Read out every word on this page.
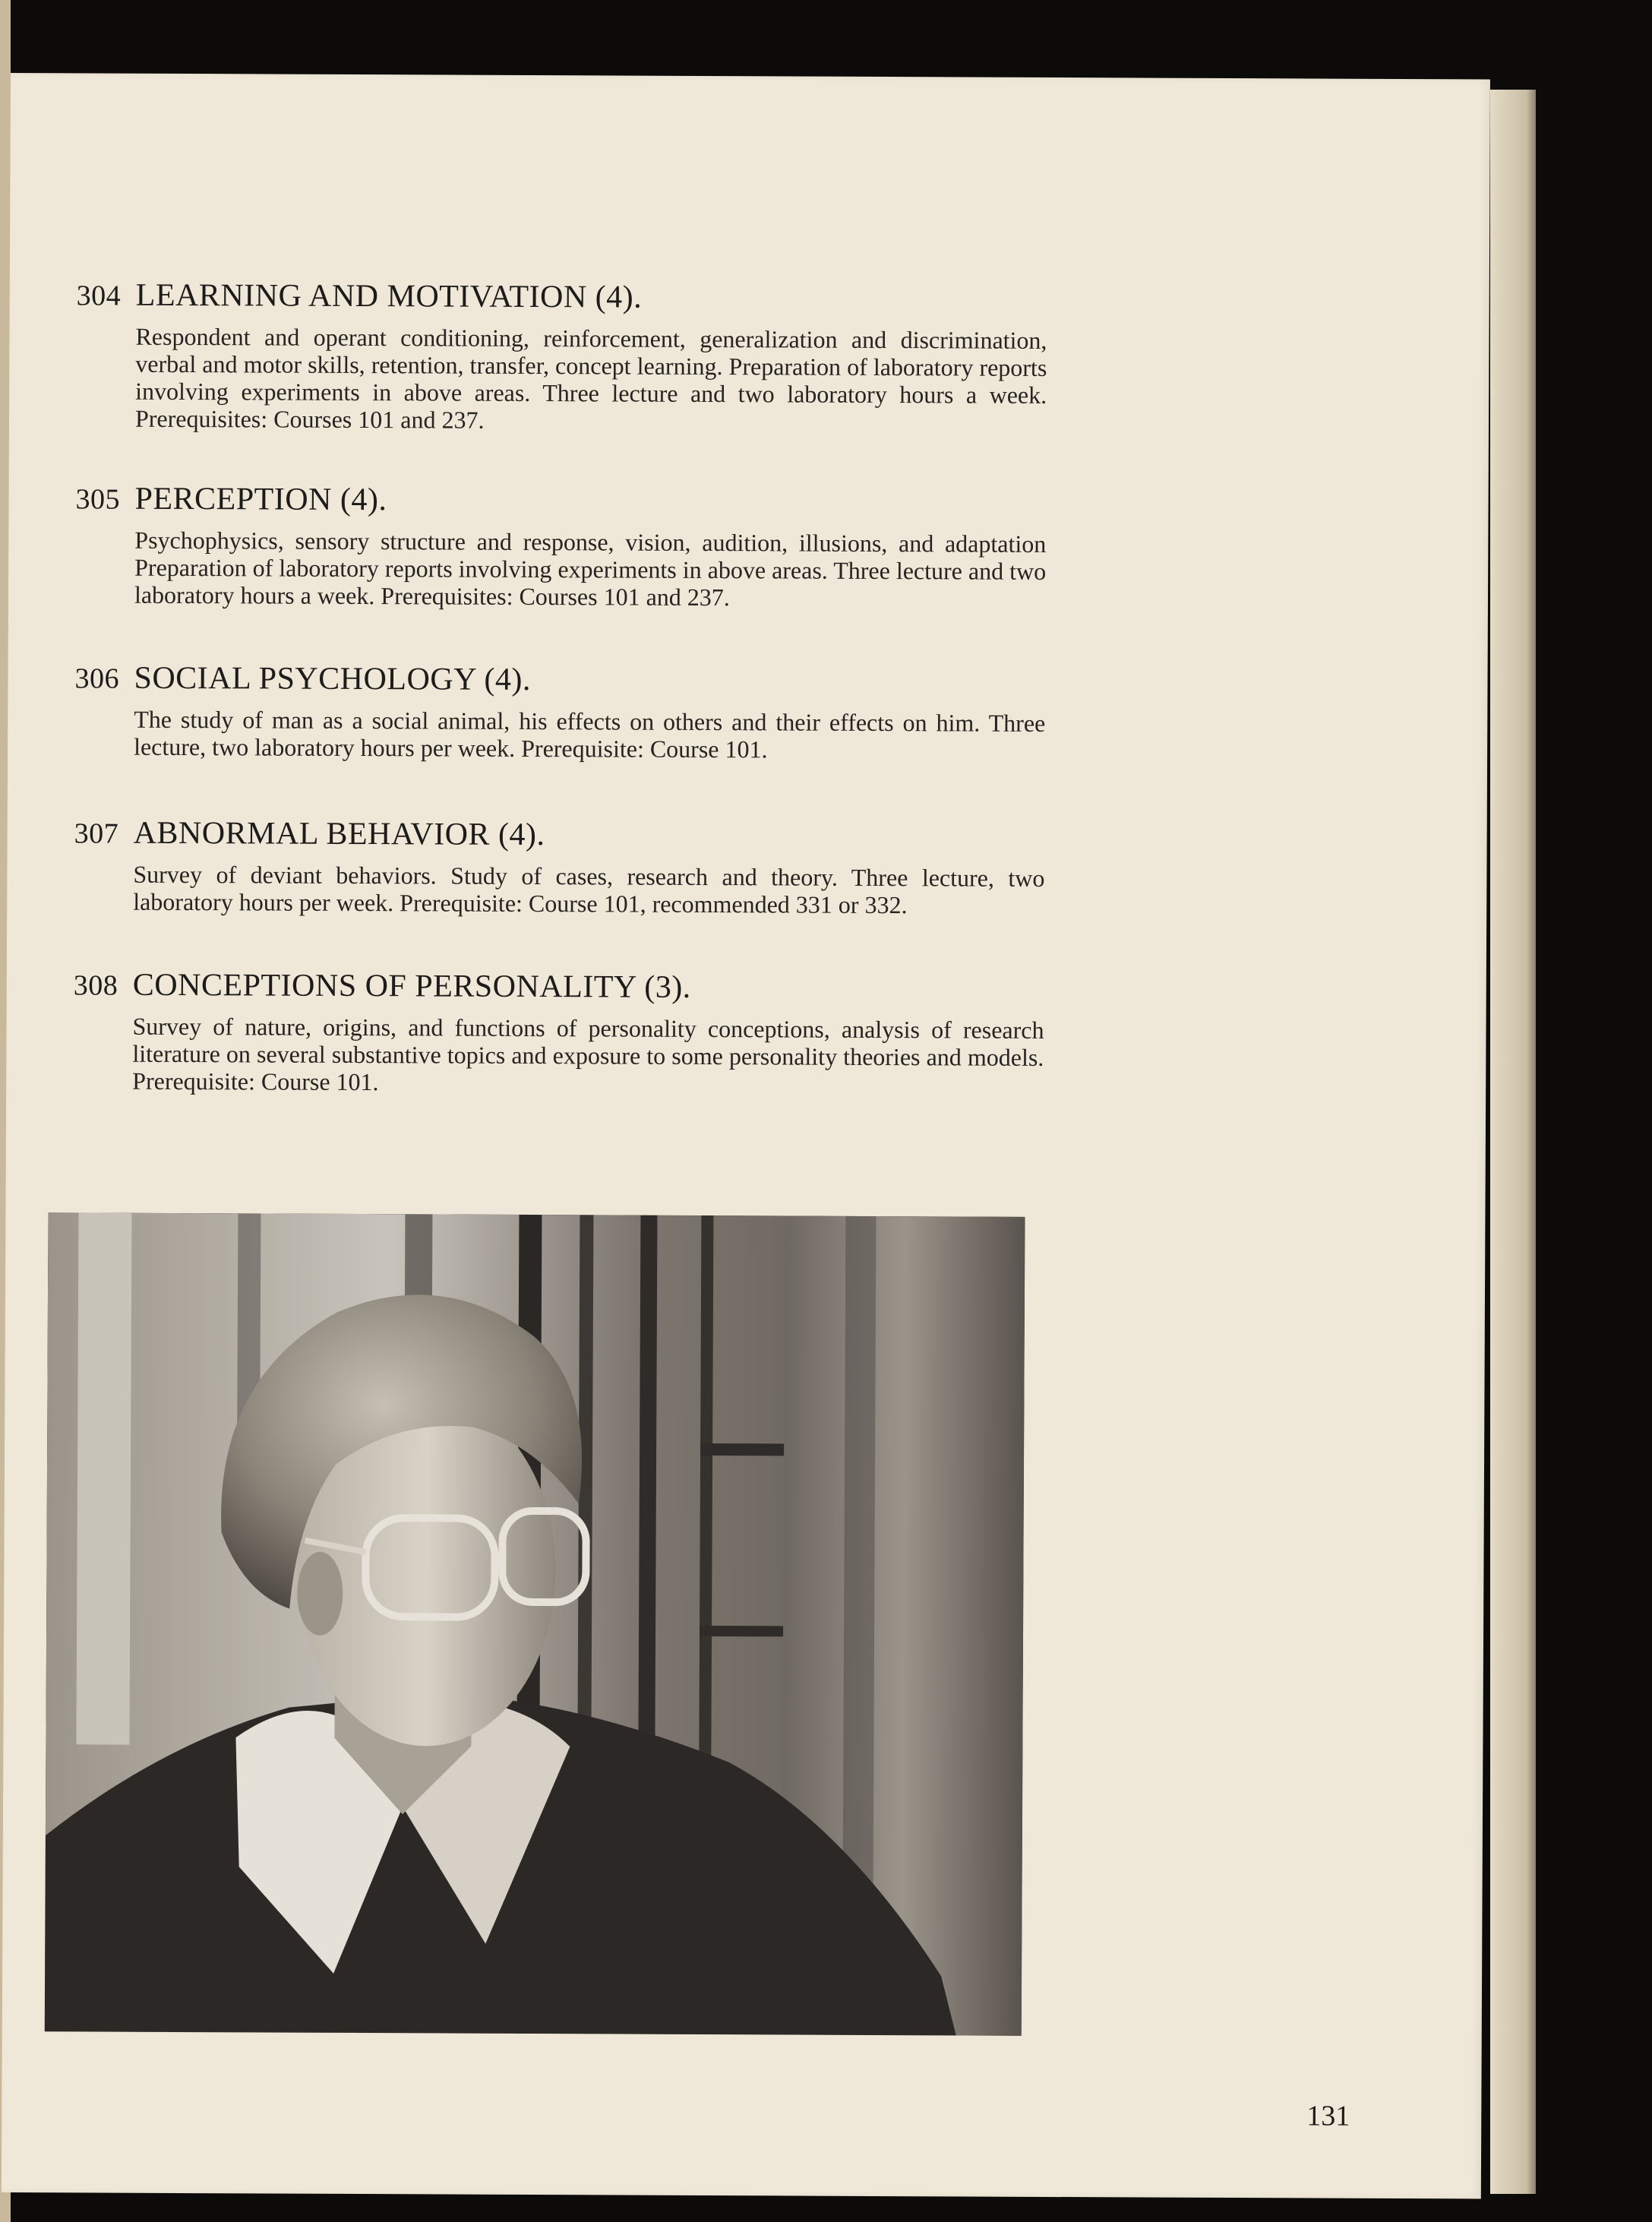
304 LEARNING AND MOTIVATION (4).
Respondent and operant conditioning, reinforcement, generalization and discrimination, verbal and motor skills, retention, transfer, concept learning. Preparation of laboratory reports involving experiments in above areas. Three lecture and two laboratory hours a week. Prerequisites: Courses 101 and 237.
305 PERCEPTION (4).
Psychophysics, sensory structure and response, vision, audition, illusions, and adaptation Preparation of laboratory reports involving experiments in above areas. Three lecture and two laboratory hours a week. Prerequisites: Courses 101 and 237.
306 SOCIAL PSYCHOLOGY (4).
The study of man as a social animal, his effects on others and their effects on him. Three lecture, two laboratory hours per week. Prerequisite: Course 101.
307 ABNORMAL BEHAVIOR (4).
Survey of deviant behaviors. Study of cases, research and theory. Three lecture, two laboratory hours per week. Prerequisite: Course 101, recommended 331 or 332.
308 CONCEPTIONS OF PERSONALITY (3).
Survey of nature, origins, and functions of personality conceptions, analysis of research literature on several substantive topics and exposure to some personality theories and models. Prerequisite: Course 101.
131
